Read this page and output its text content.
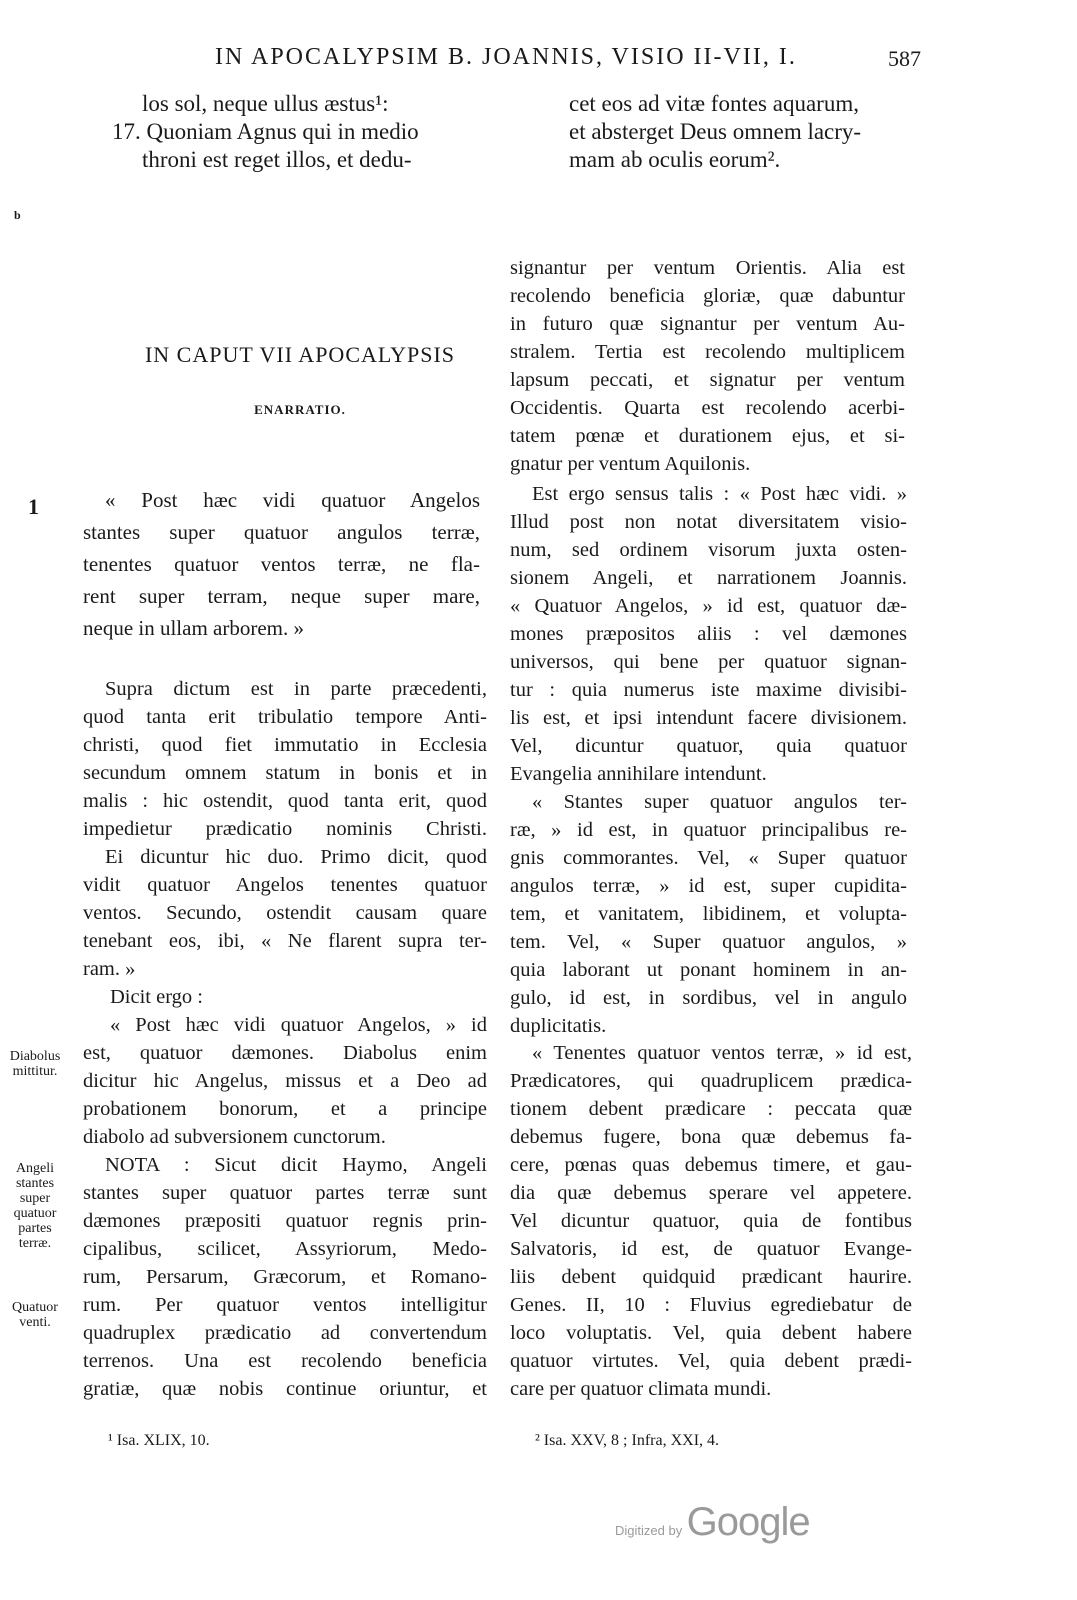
IN APOCALYPSIM B. JOANNIS, VISIO II-VII, I.	587
los sol, neque ullus æstus¹:
17. Quoniam Agnus qui in medio
throni est reget illos, et dedu-
cet eos ad vitæ fontes aquarum,
et absterget Deus omnem lacry-
mam ab oculis eorum².
b
IN CAPUT VII APOCALYPSIS
ENARRATIO.
1	« Post hæc vidi quatuor Angelos
stantes super quatuor angulos terræ,
tenentes quatuor ventos terræ, ne fla-
rent super terram, neque super mare,
neque in ullam arborem. »
Supra dictum est in parte præcedenti,
quod tanta erit tribulatio tempore Anti-
christi, quod fiet immutatio in Ecclesia
secundum omnem statum in bonis et in
malis : hic ostendit, quod tanta erit, quod
impedietur prædicatio nominis Christi.
Ei dicuntur hic duo. Primo dicit, quod
vidit quatuor Angelos tenentes quatuor
ventos. Secundo, ostendit causam quare
tenebant eos, ibi, « Ne flarent supra ter-
ram. »
Dicit ergo :
« Post hæc vidi quatuor Angelos, » id
est, quatuor dæmones. Diabolus enim
dicitur hic Angelus, missus et a Deo ad
probationem bonorum, et a principe
diabolo ad subversionem cunctorum.
NOTA : Sicut dicit Haymo, Angeli
stantes super quatuor partes terræ sunt
dæmones præpositi quatuor regnis prin-
cipalibus, scilicet, Assyriorum, Medo-
rum, Persarum, Græcorum, et Romano-
rum. Per quatuor ventos intelligitur
quadruplex prædicatio ad convertendum
terrenos. Una est recolendo beneficia
gratiæ, quæ nobis continue oriuntur, et
Diabolus
mittitur.
Angeli
stantes
super
quatuor
partes
terræ.
Quatuor
venti.
signantur per ventum Orientis. Alia est
recolendo beneficia gloriæ, quæ dabuntur
in futuro quæ signantur per ventum Au-
stralem. Tertia est recolendo multiplicem
lapsum peccati, et signatur per ventum
Occidentis. Quarta est recolendo acerbi-
tatem pœnæ et durationem ejus, et si-
gnatur per ventum Aquilonis.
Est ergo sensus talis : « Post hæc vidi. »
Illud post non notat diversitatem visio-
num, sed ordinem visorum juxta osten-
sionem Angeli, et narrationem Joannis.
« Quatuor Angelos, » id est, quatuor dæ-
mones præpositos aliis : vel dæmones
universos, qui bene per quatuor signan-
tur : quia numerus iste maxime divisibi-
lis est, et ipsi intendunt facere divisionem.
Vel, dicuntur quatuor, quia quatuor
Evangelia annihilare intendunt.
« Stantes super quatuor angulos ter-
ræ, » id est, in quatuor principalibus re-
gnis commorantes. Vel, « Super quatuor
angulos terræ, » id est, super cupidita-
tem, et vanitatem, libidinem, et volupta-
tem. Vel, « Super quatuor angulos, »
quia laborant ut ponant hominem in an-
gulo, id est, in sordibus, vel in angulo
duplicitatis.
« Tenentes quatuor ventos terræ, » id est,
Prædicatores, qui quadruplicem prædica-
tionem debent prædicare : peccata quæ
debemus fugere, bona quæ debemus fa-
cere, pœnas quas debemus timere, et gau-
dia quæ debemus sperare vel appetere.
Vel dicuntur quatuor, quia de fontibus
Salvatoris, id est, de quatuor Evange-
liis debent quidquid prædicant haurire.
Genes. II, 10 : Fluvius egrediebatur de
loco voluptatis. Vel, quia debent habere
quatuor virtutes. Vel, quia debent prædi-
care per quatuor climata mundi.
¹ Isa. XLIX, 10.	² Isa. XXV, 8 ; Infra, XXI, 4.
Digitized by Google
